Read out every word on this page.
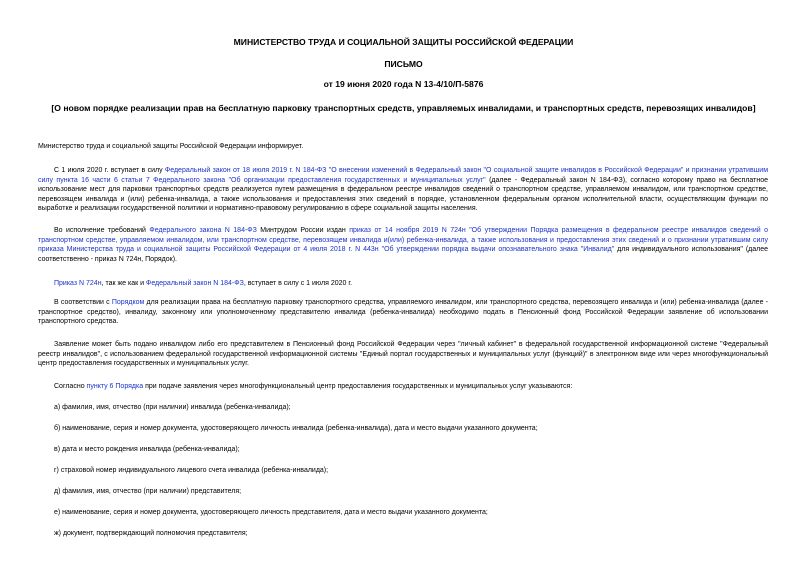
МИНИСТЕРСТВО ТРУДА И СОЦИАЛЬНОЙ ЗАЩИТЫ РОССИЙСКОЙ ФЕДЕРАЦИИ
ПИСЬМО
от 19 июня 2020 года N 13-4/10/П-5876
[О новом порядке реализации прав на бесплатную парковку транспортных средств, управляемых инвалидами, и транспортных средств, перевозящих инвалидов]
Министерство труда и социальной защиты Российской Федерации информирует.
С 1 июля 2020 г. вступает в силу Федеральный закон от 18 июля 2019 г. N 184-ФЗ "О внесении изменений в Федеральный закон "О социальной защите инвалидов в Российской Федерации" и признании утратившим силу пункта 16 части 6 статьи 7 Федерального закона "Об организации предоставления государственных и муниципальных услуг" (далее - Федеральный закон N 184-ФЗ), согласно которому право на бесплатное использование мест для парковки транспортных средств реализуется путем размещения в федеральном реестре инвалидов сведений о транспортном средстве, управляемом инвалидом, или транспортном средстве, перевозящем инвалида и (или) ребенка-инвалида, а также использования и предоставления этих сведений в порядке, установленном федеральным органом исполнительной власти, осуществляющим функции по выработке и реализации государственной политики и нормативно-правовому регулированию в сфере социальной защиты населения.
Во исполнение требований Федерального закона N 184-ФЗ Минтрудом России издан приказ от 14 ноября 2019 N 724н "Об утверждении Порядка размещения в федеральном реестре инвалидов сведений о транспортном средстве, управляемом инвалидом, или транспортном средстве, перевозящем инвалида и(или) ребенка-инвалида, а также использования и предоставления этих сведений и о признании утратившим силу приказа Министерства труда и социальной защиты Российской Федерации от 4 июля 2018 г. N 443н "Об утверждении порядка выдачи опознавательного знака "Инвалид" для индивидуального использования" (далее соответственно - приказ N 724н, Порядок).
Приказ N 724н, так же как и Федеральный закон N 184-ФЗ, вступает в силу с 1 июля 2020 г.
В соответствии с Порядком для реализации права на бесплатную парковку транспортного средства, управляемого инвалидом, или транспортного средства, перевозящего инвалида и (или) ребенка-инвалида (далее - транспортное средство), инвалиду, законному или уполномоченному представителю инвалида (ребенка-инвалида) необходимо подать в Пенсионный фонд Российской Федерации заявление об использовании транспортного средства.
Заявление может быть подано инвалидом либо его представителем в Пенсионный фонд Российской Федерации через "личный кабинет" в федеральной государственной информационной системе "Федеральный реестр инвалидов", с использованием федеральной государственной информационной системы "Единый портал государственных и муниципальных услуг (функций)" в электронном виде или через многофункциональный центр предоставления государственных и муниципальных услуг.
Согласно пункту 6 Порядка при подаче заявления через многофункциональный центр предоставления государственных и муниципальных услуг указываются:
а) фамилия, имя, отчество (при наличии) инвалида (ребенка-инвалида);
б) наименование, серия и номер документа, удостоверяющего личность инвалида (ребенка-инвалида), дата и место выдачи указанного документа;
в) дата и место рождения инвалида (ребенка-инвалида);
г) страховой номер индивидуального лицевого счета инвалида (ребенка-инвалида);
д) фамилия, имя, отчество (при наличии) представителя;
е) наименование, серия и номер документа, удостоверяющего личность представителя, дата и место выдачи указанного документа;
ж) документ, подтверждающий полномочия представителя;
